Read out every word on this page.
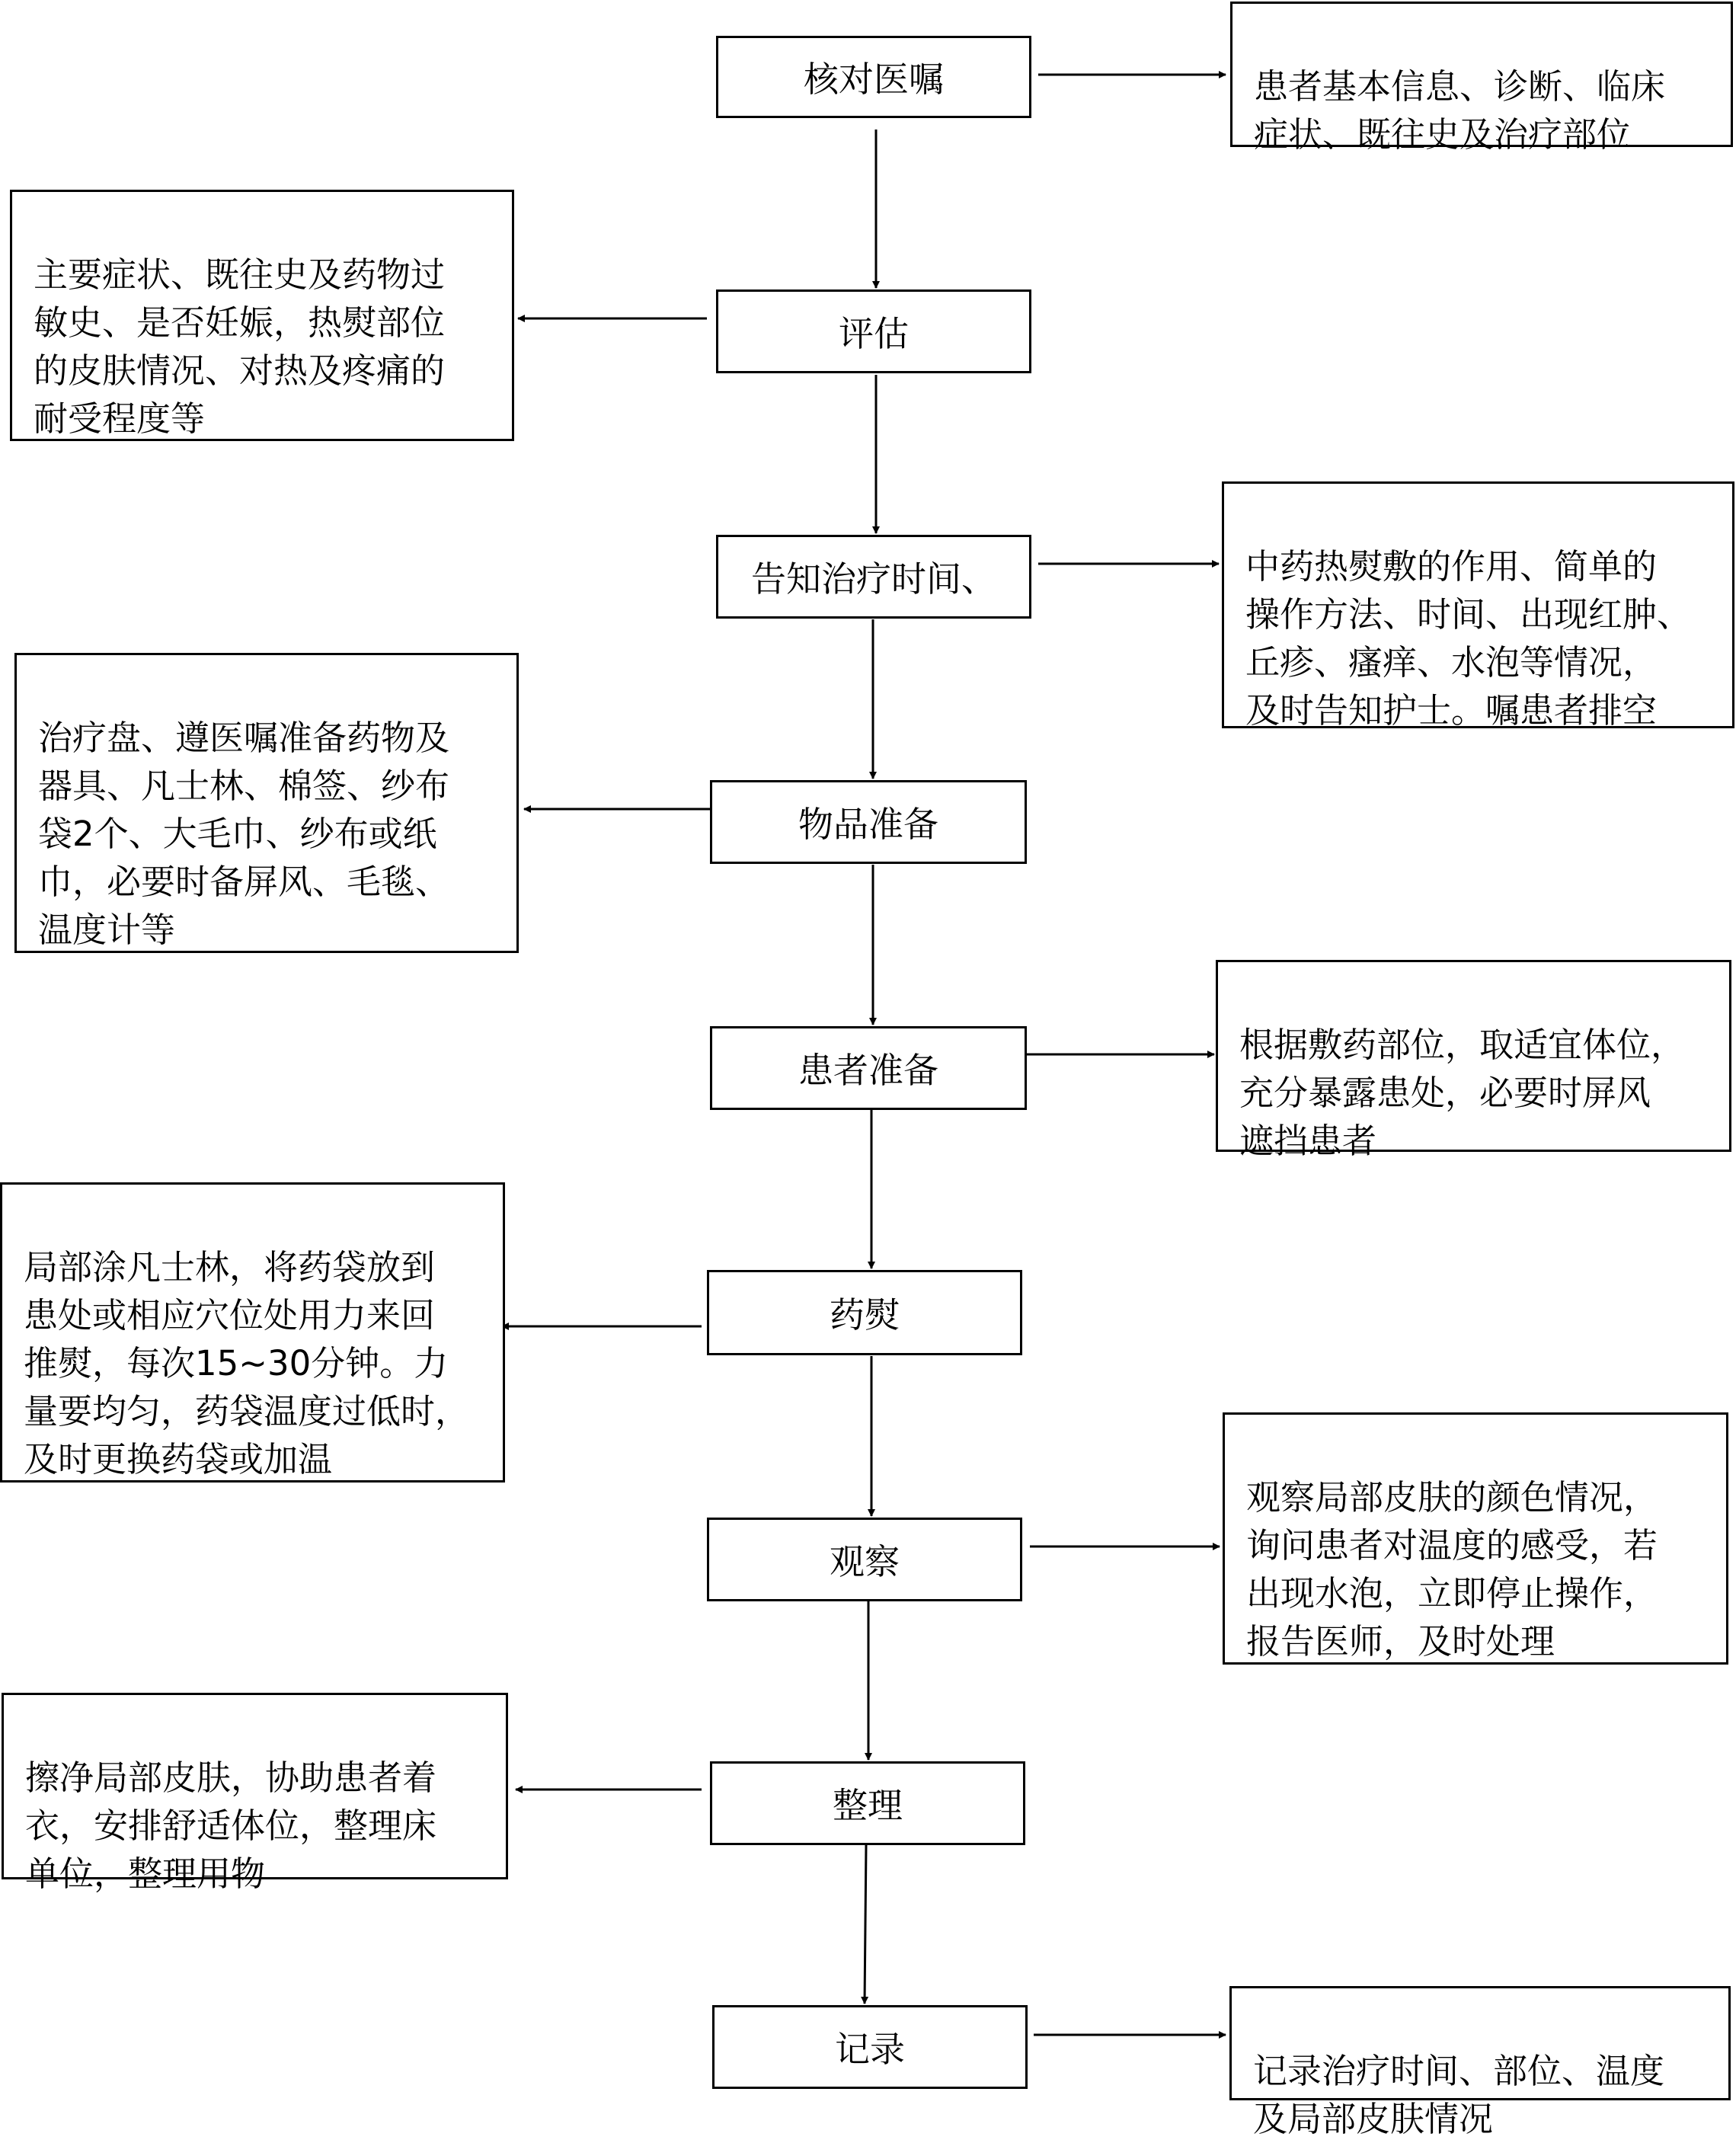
核对医嘱
评估
告知治疗时间、
物品准备
患者准备
药熨
观察
整理
记录

患者基本信息、诊断、临床
症状、既往史及治疗部位

主要症状、既往史及药物过
敏史、是否妊娠，热熨部位
的皮肤情况、对热及疼痛的
耐受程度等

中药热熨敷的作用、简单的
操作方法、时间、出现红肿、
丘疹、瘙痒、水泡等情况，
及时告知护士。嘱患者排空

治疗盘、遵医嘱准备药物及
器具、凡士林、棉签、纱布
袋2个、大毛巾、纱布或纸
巾，必要时备屏风、毛毯、
温度计等

根据敷药部位，取适宜体位，
充分暴露患处，必要时屏风
遮挡患者

局部涂凡士林，将药袋放到
患处或相应穴位处用力来回
推熨，每次15~30分钟。力
量要均匀，药袋温度过低时，
及时更换药袋或加温

观察局部皮肤的颜色情况，
询问患者对温度的感受，若
出现水泡，立即停止操作，
报告医师，及时处理

擦净局部皮肤，协助患者着
衣，安排舒适体位，整理床
单位，整理用物

记录治疗时间、部位、温度
及局部皮肤情况
